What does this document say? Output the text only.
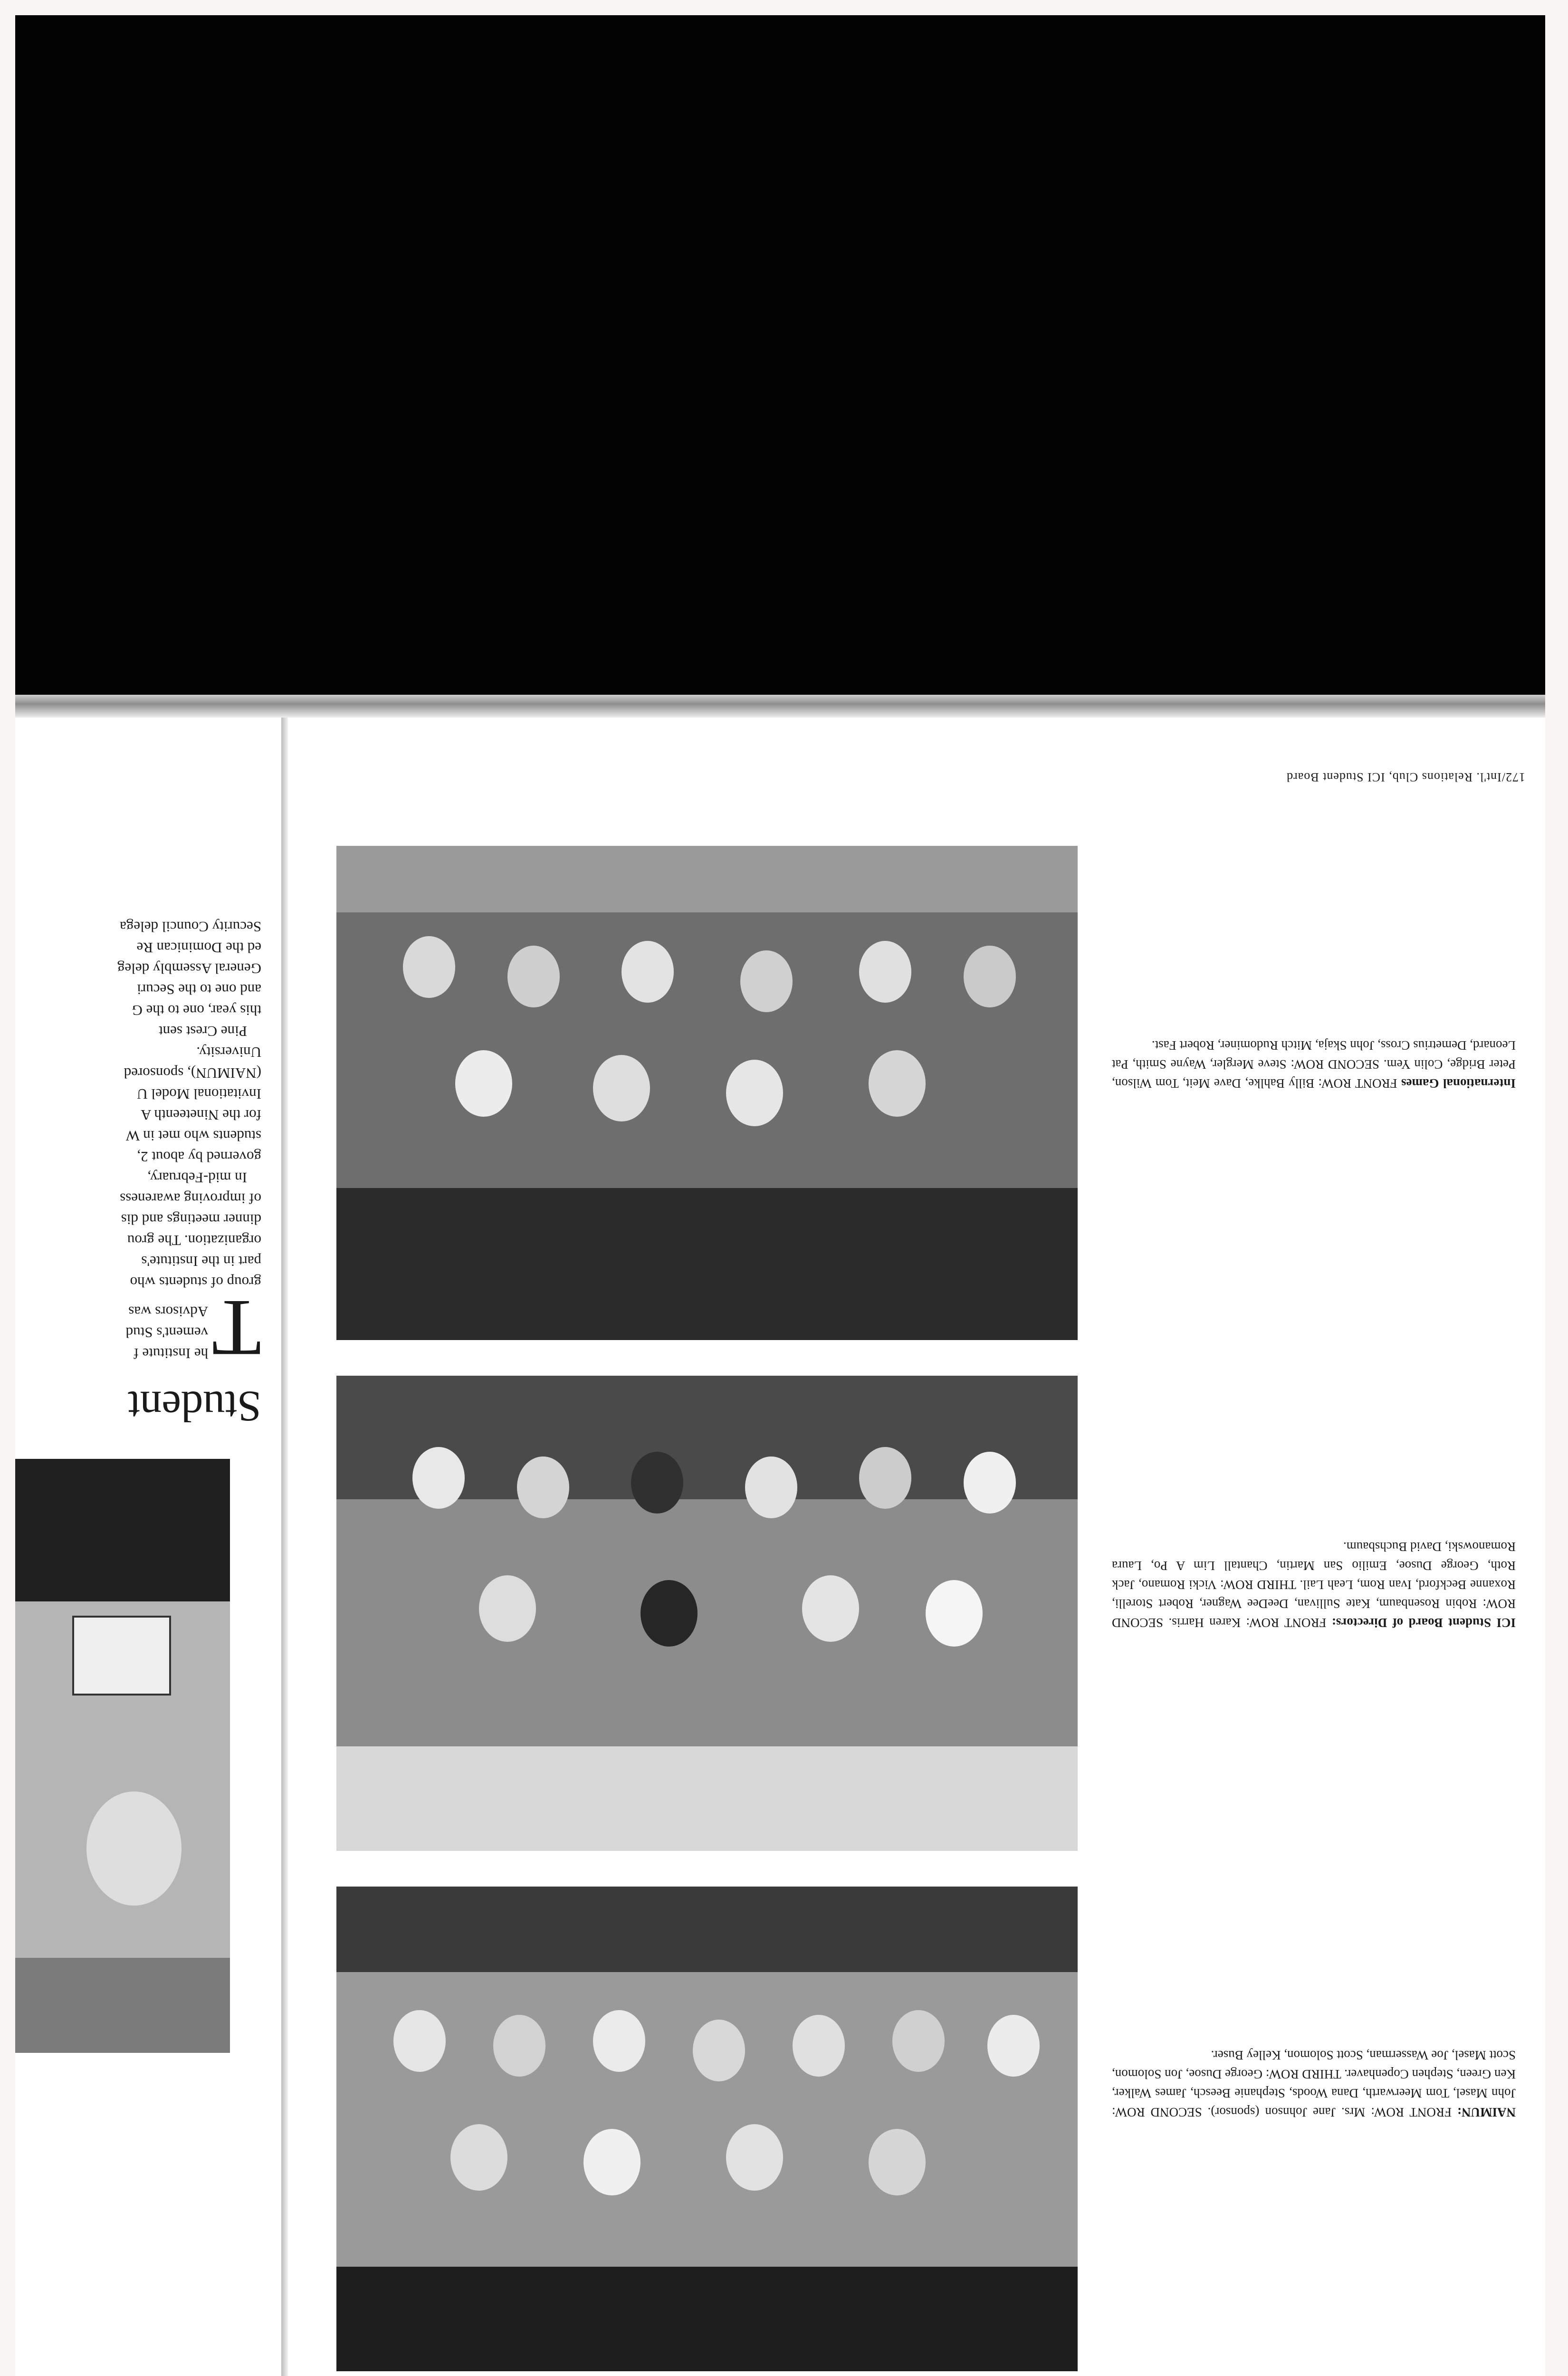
172/Int'l. Relations Club, ICI Student Board
International Games FRONT ROW: Billy Bahlke, Dave Meit, Tom Wilson, Peter Bridge, Colin Yem. SECOND ROW: Steve Mergler, Wayne Smith, Pat Leonard, Demetrius Cross, John Skaja, Mitch Rudominer, Robert Fast.
ICI Student Board of Directors: FRONT ROW: Karen Harris. SECOND ROW: Robin Rosenbaum, Kate Sullivan, DeeDee Wagner, Robert Storelli, Roxanne Beckford, Ivan Rom, Leah Lail. THIRD ROW: Vicki Romano, Jack Roth, George Dusoe, Emilio San Martin, Chantall Lim A Po, Laura Romanowski, David Buchsbaum.
NAIMUN: FRONT ROW: Mrs. Jane Johnson (sponsor). SECOND ROW: John Masel, Tom Meerwarth, Dana Woods, Stephanie Beesch, James Walker, Ken Green, Stephen Copenhaver. THIRD ROW: George Dusoe, Jon Solomon, Scott Masel, Joe Wasserman, Scott Solomon, Kelley Buser.
Student
T
he Institute f
vement's Stud
Advisors was
group of students who
part in the Institute's
organization. The grou
dinner meetings and dis
of improving awareness
In mid-February,
governed by about 2,
students who met in W
for the Nineteenth A
Invitational Model U
(NAIMUN), sponsored
University.
Pine Crest sent
this year, one to the G
and one to the Securi
General Assembly deleg
ed the Dominican Re
Security Council delega
